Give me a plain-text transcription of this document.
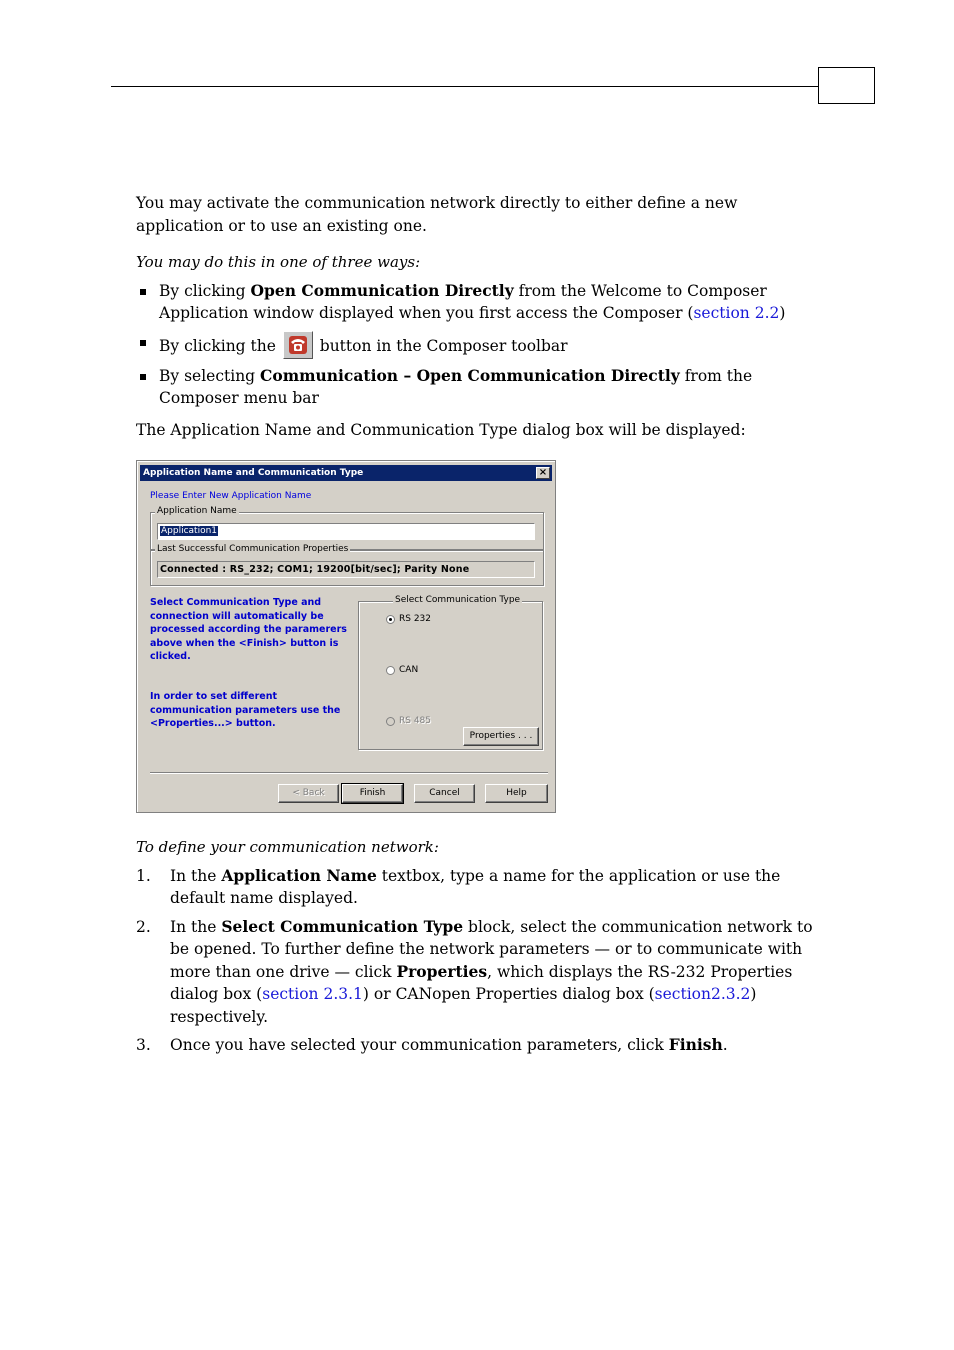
You may activate the communication network directly to either define a new application or to use an existing one.

You may do this in one of three ways:

By clicking Open Communication Directly from the Welcome to Composer Application window displayed when you first access the Composer (section 2.2)
By clicking the
button in the Composer toolbar
By selecting Communication – Open Communication Directly from the Composer menu bar

The Application Name and Communication Type dialog box will be displayed:

Application Name and Communication Type	×
Please Enter New Application Name
Application Name
Application1
Last Successful Communication Properties
Connected : RS_232; COM1; 19200[bit/sec]; Parity None
Select Communication Type and
connection will automatically be
processed according the paramerers
above when the <Finish> button is
clicked.
In order to set different
communication parameters use the
<Properties...> button.
Select Communication Type
RS 232
CAN
RS 485
Properties . . .
< Back	Finish	Cancel	Help

To define your communication network:

1. In the Application Name textbox, type a name for the application or use the default name displayed.
2. In the Select Communication Type block, select the communication network to be opened. To further define the network parameters — or to communicate with more than one drive — click Properties, which displays the RS-232 Properties dialog box (section 2.3.1) or CANopen Properties dialog box (section2.3.2) respectively.
3. Once you have selected your communication parameters, click Finish.
